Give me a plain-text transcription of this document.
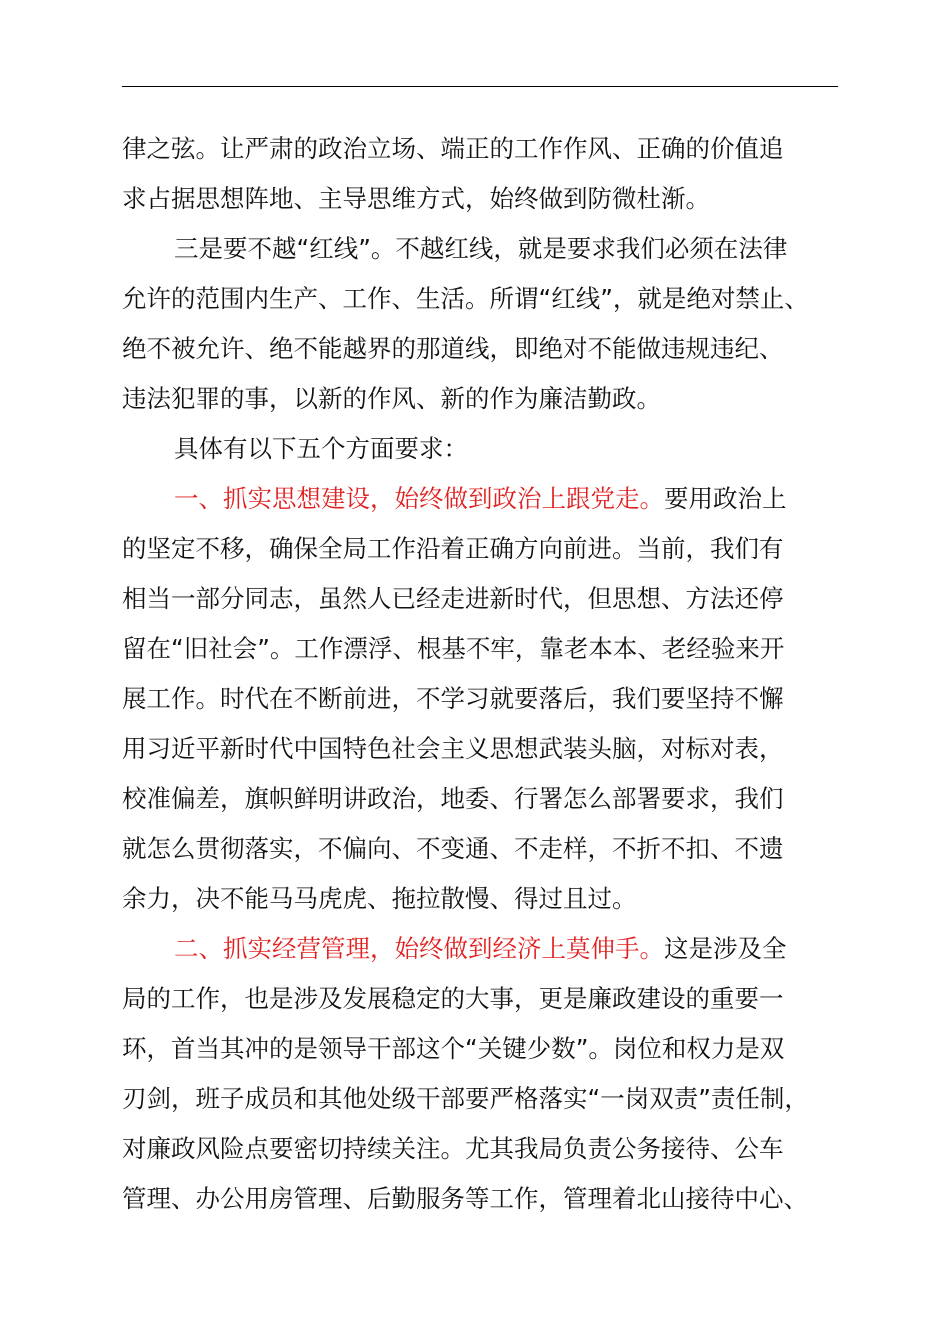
律之弦。让严肃的政治立场、端正的工作作风、正确的价值追
求占据思想阵地、主导思维方式，始终做到防微杜渐。
三是要不越“红线”。不越红线，就是要求我们必须在法律
允许的范围内生产、工作、生活。所谓“红线”，就是绝对禁止、
绝不被允许、绝不能越界的那道线，即绝对不能做违规违纪、
违法犯罪的事，以新的作风、新的作为廉洁勤政。
具体有以下五个方面要求：
一、抓实思想建设，始终做到政治上跟党走。要用政治上
的坚定不移，确保全局工作沿着正确方向前进。当前，我们有
相当一部分同志，虽然人已经走进新时代，但思想、方法还停
留在“旧社会”。工作漂浮、根基不牢，靠老本本、老经验来开
展工作。时代在不断前进，不学习就要落后，我们要坚持不懈
用习近平新时代中国特色社会主义思想武装头脑，对标对表，
校准偏差，旗帜鲜明讲政治，地委、行署怎么部署要求，我们
就怎么贯彻落实，不偏向、不变通、不走样，不折不扣、不遗
余力，决不能马马虎虎、拖拉散慢、得过且过。
二、抓实经营管理，始终做到经济上莫伸手。这是涉及全
局的工作，也是涉及发展稳定的大事，更是廉政建设的重要一
环，首当其冲的是领导干部这个“关键少数”。岗位和权力是双
刃剑，班子成员和其他处级干部要严格落实“一岗双责”责任制，
对廉政风险点要密切持续关注。尤其我局负责公务接待、公车
管理、办公用房管理、后勤服务等工作，管理着北山接待中心、
